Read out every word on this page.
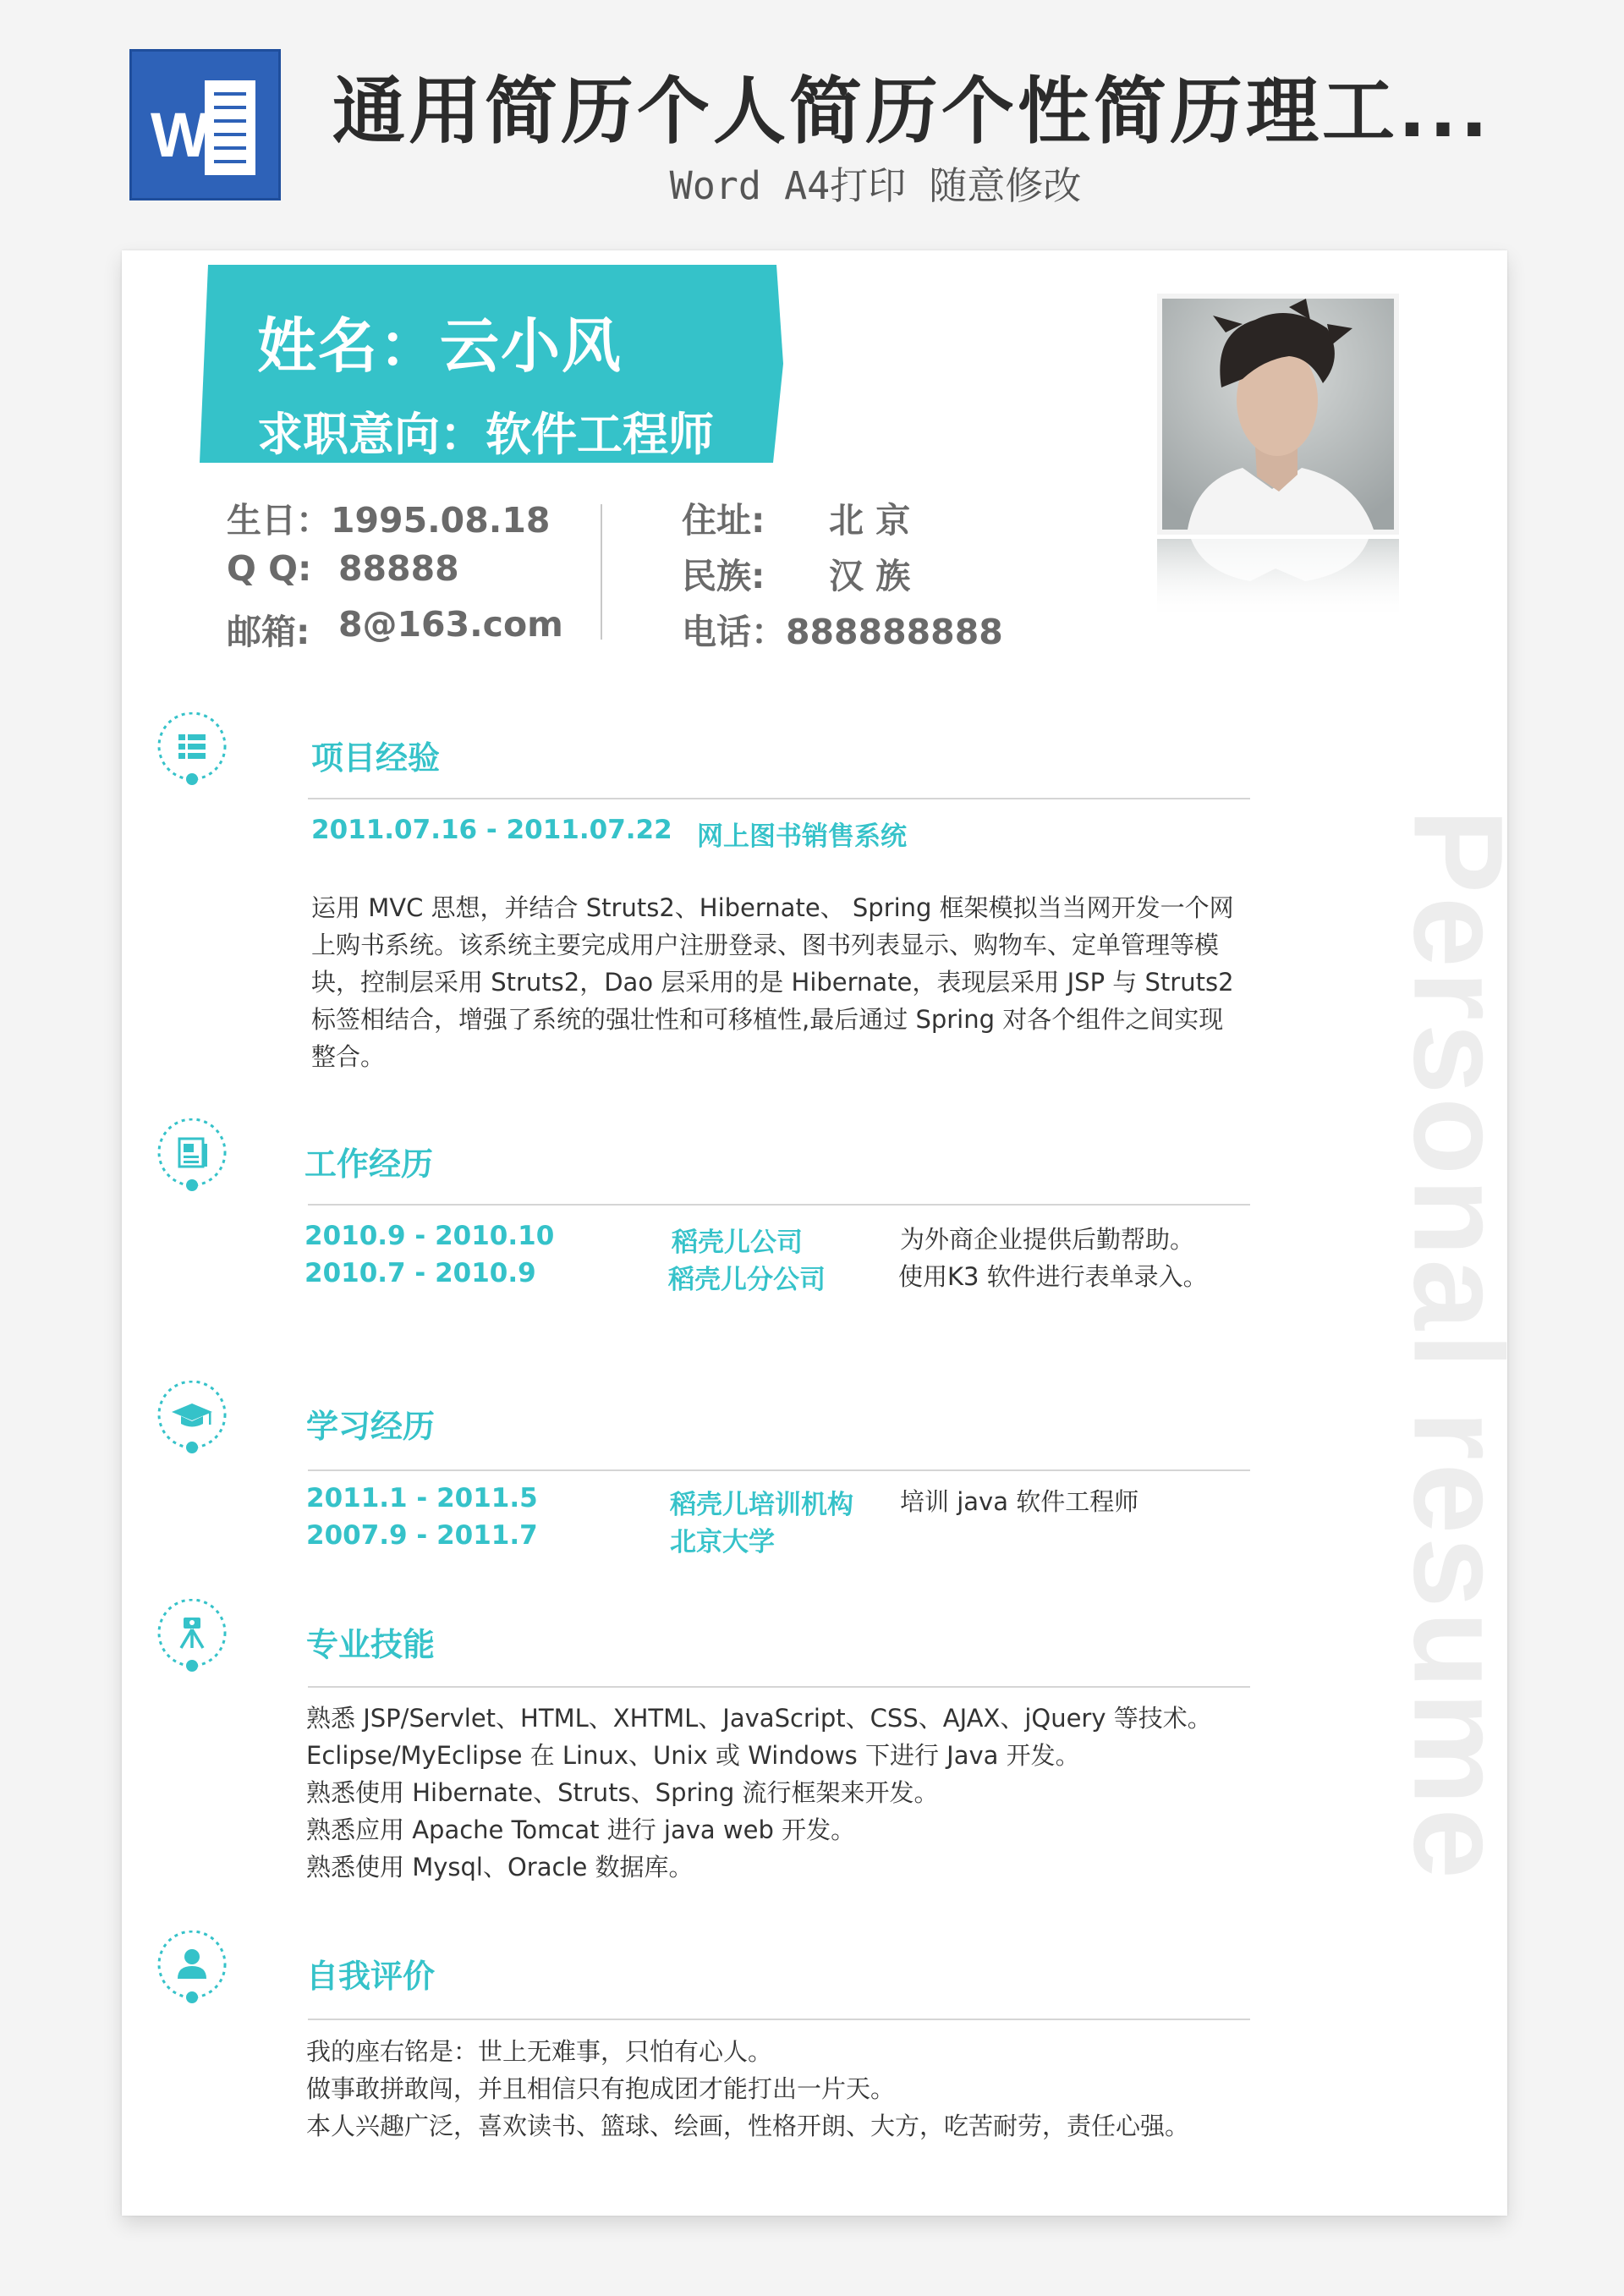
W 通用简历个人简历个性简历理工...
Word A4打印 随意修改
Personal resume
姓名：云小风
求职意向：软件工程师
生日：1995.08.18
Q Q: 88888
邮箱: 8@163.com
住址: 北 京
民族: 汉 族
电话：888888888
项目经验
2011.07.16 - 2011.07.22 网上图书销售系统
运用 MVC 思想，并结合 Struts2、Hibernate、 Spring 框架模拟当当网开发一个网
上购书系统。该系统主要完成用户注册登录、图书列表显示、购物车、定单管理等模
块，控制层采用 Struts2，Dao 层采用的是 Hibernate，表现层采用 JSP 与 Struts2
标签相结合，增强了系统的强壮性和可移植性,最后通过 Spring 对各个组件之间实现
整合。
工作经历
2010.9 - 2010.10	稻壳儿公司	为外商企业提供后勤帮助。
2010.7 - 2010.9	稻壳儿分公司	使用K3 软件进行表单录入。
学习经历
2011.1 - 2011.5	稻壳儿培训机构 培训 java 软件工程师
2007.9 - 2011.7	北京大学
专业技能
熟悉 JSP/Servlet、HTML、XHTML、JavaScript、CSS、AJAX、jQuery 等技术。
Eclipse/MyEclipse 在 Linux、Unix 或 Windows 下进行 Java 开发。
熟悉使用 Hibernate、Struts、Spring 流行框架来开发。
熟悉应用 Apache Tomcat 进行 java web 开发。
熟悉使用 Mysql、Oracle 数据库。
自我评价
我的座右铭是：世上无难事，只怕有心人。
做事敢拼敢闯，并且相信只有抱成团才能打出一片天。
本人兴趣广泛，喜欢读书、篮球、绘画，性格开朗、大方，吃苦耐劳，责任心强。
